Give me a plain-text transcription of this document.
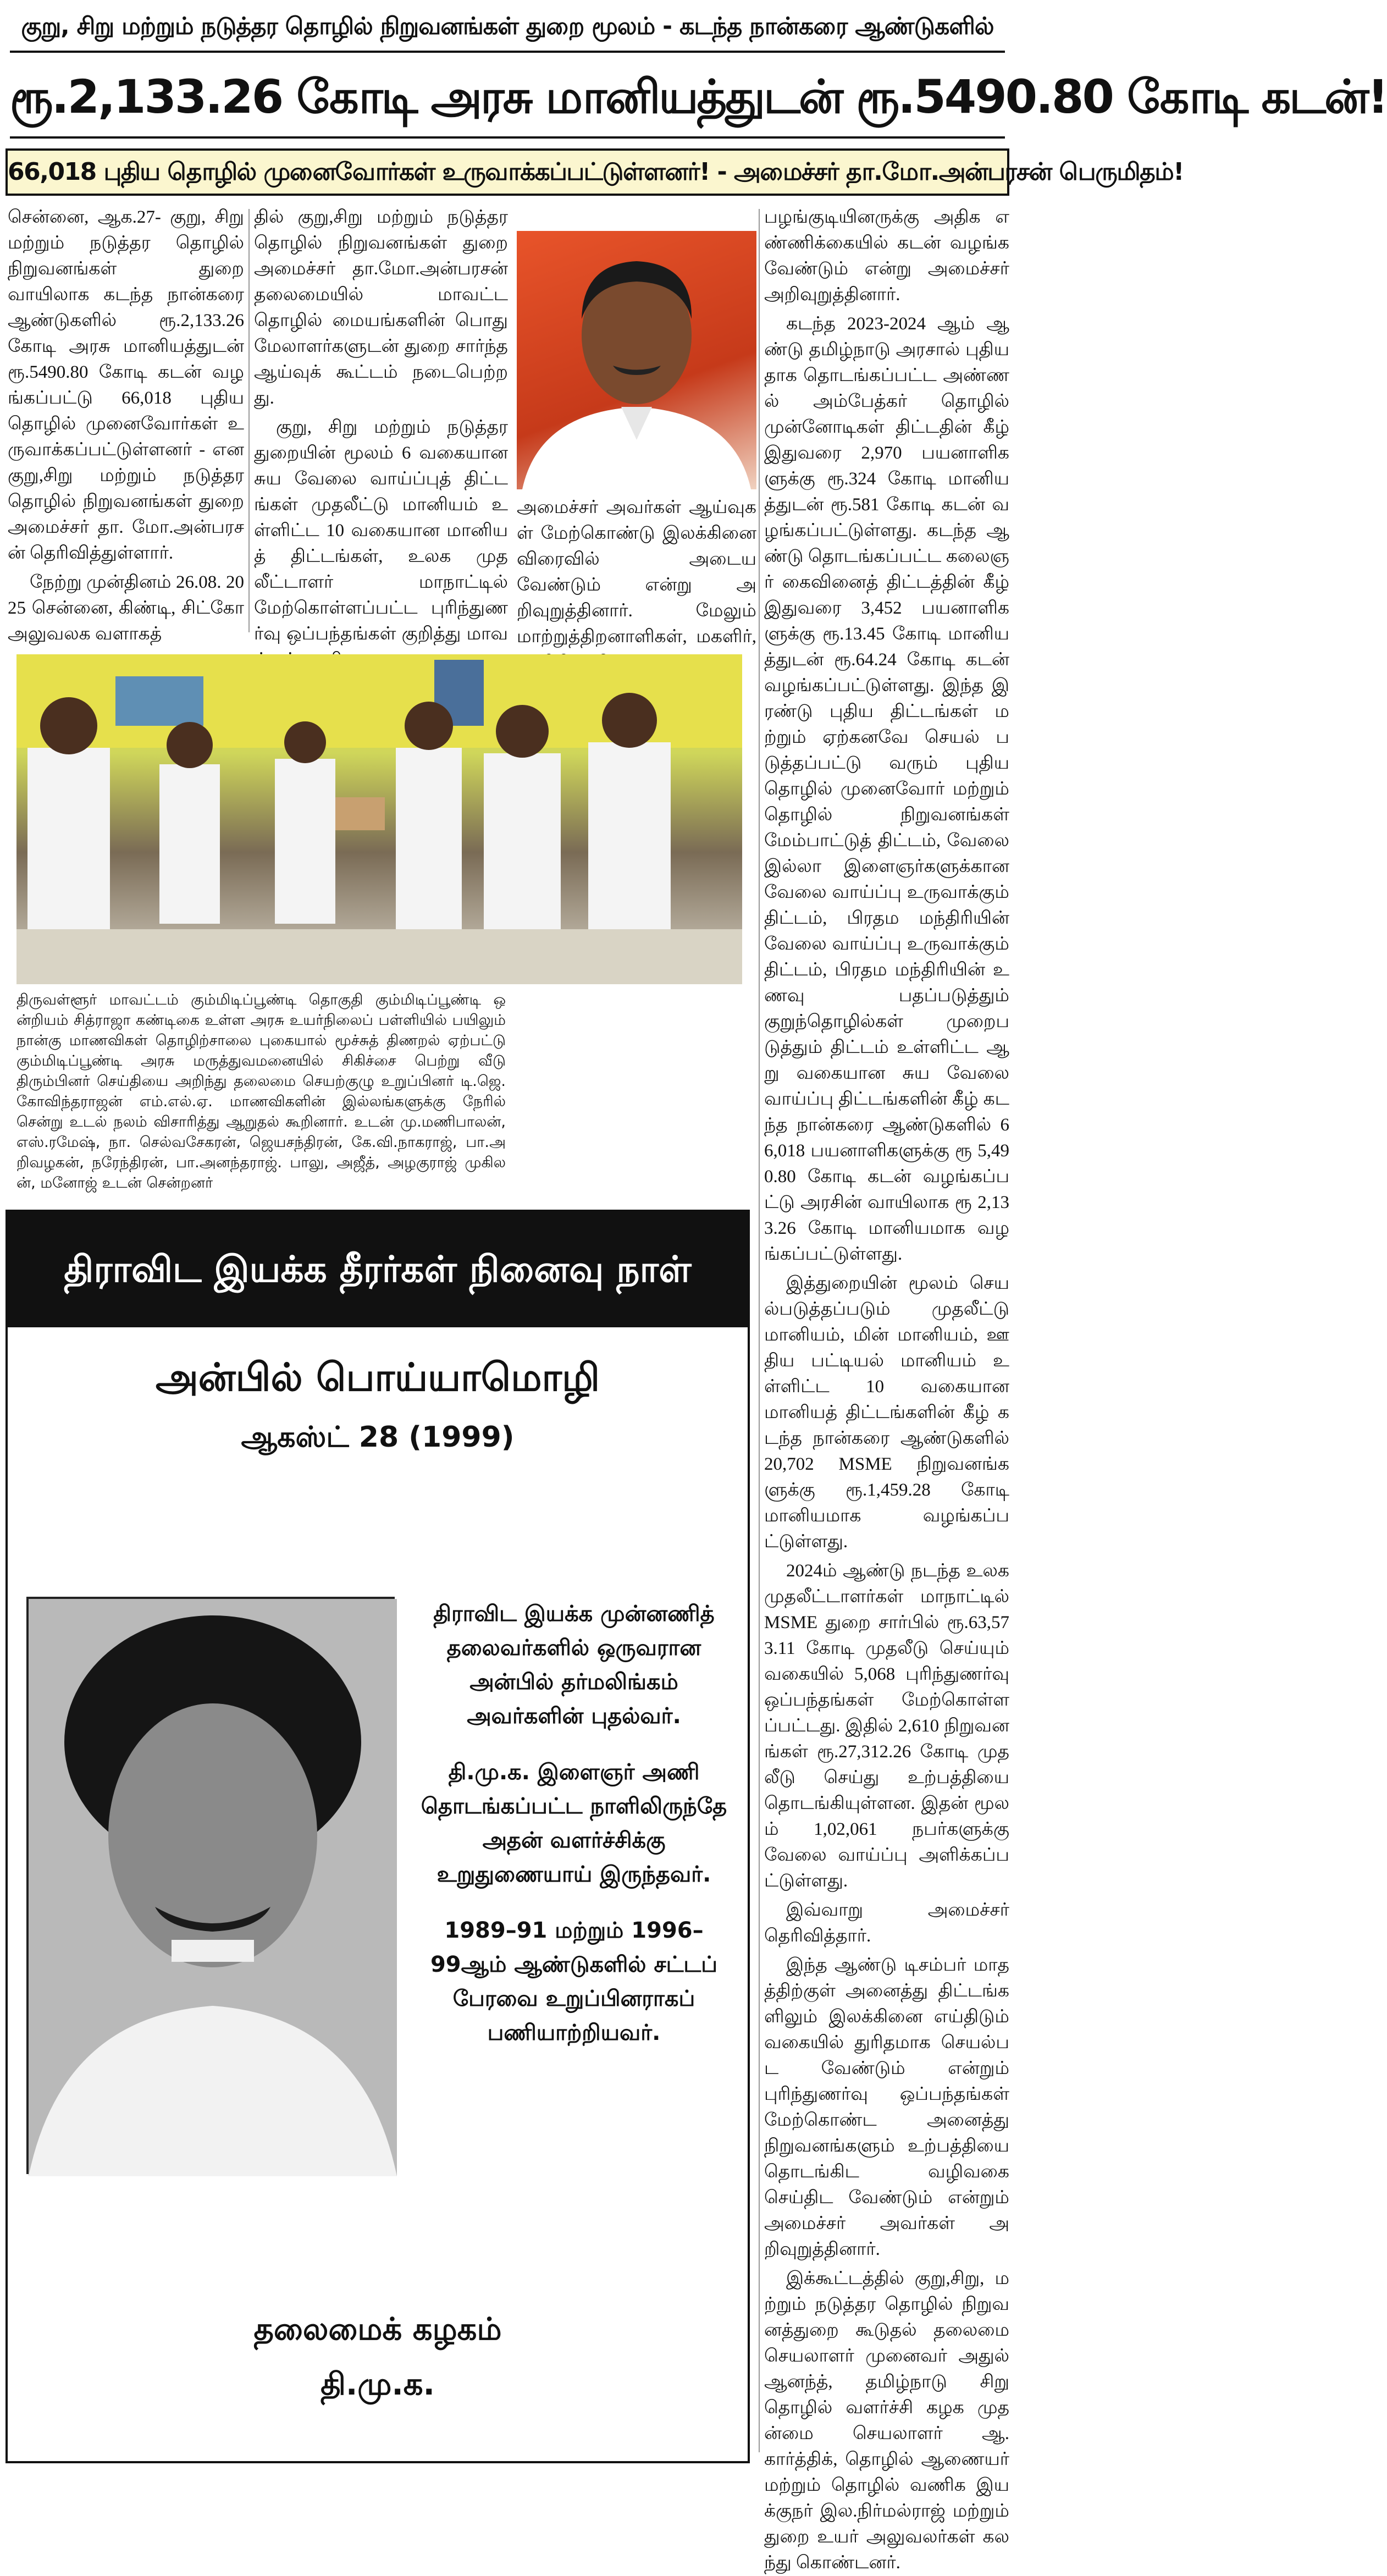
குறு, சிறு மற்றும் நடுத்தர தொழில் நிறுவனங்கள் துறை மூலம் - கடந்த நான்கரை ஆண்டுகளில்
ரூ.2,133.26 கோடி அரசு மானியத்துடன் ரூ.5490.80 கோடி கடன்!
66,018 புதிய தொழில் முனைவோர்கள் உருவாக்கப்பட்டுள்ளனர்! - அமைச்சர் தா.மோ.அன்பரசன் பெருமிதம்!

சென்னை, ஆக.27- குறு, சிறு மற்றும் நடுத்தர தொழில் நிறுவனங்கள் துறை வாயிலாக கடந்த நான்கரை ஆண்டுகளில் ரூ.2,133.26 கோடி அரசு மானியத்துடன் ரூ.5490.80 கோடி கடன் வழங்கப்பட்டு 66,018 புதிய தொழில் முனைவோர்கள் உருவாக்கப்பட்டுள்ளனர் - என குறு,சிறு மற்றும் நடுத்தர தொழில் நிறுவனங்கள் துறை அமைச்சர் தா. மோ.அன்பரசன் தெரிவித்துள்ளார்.

நேற்று முன்தினம் 26.08. 2025 சென்னை, கிண்டி, சிட்கோ அலுவலக வளாகத்

தில் குறு,சிறு மற்றும் நடுத்தர தொழில் நிறுவனங்கள் துறை அமைச்சர் தா.மோ.அன்பரசன் தலைமையில் மாவட்ட தொழில் மையங்களின் பொது மேலாளர்களுடன் துறை சார்ந்த ஆய்வுக் கூட்டம் நடைபெற்றது.

குறு, சிறு மற்றும் நடுத்தர துறையின் மூலம் 6 வகையான சுய வேலை வாய்ப்புத் திட்டங்கள் முதலீட்டு மானியம் உள்ளிட்ட 10 வகையான மானியத் திட்டங்கள், உலக முதலீட்டாளர் மாநாட்டில் மேற்கொள்ளப்பட்ட புரிந்துணர்வு ஒப்பந்தங்கள் குறித்து மாவ

அமைச்சர் அவர்கள் ஆய்வுகள் மேற்கொண்டு இலக்கினை விரைவில் அடைய வேண்டும் என்று அறிவுறுத்தினார். மேலும் மாற்றுத்திறனாளிகள், மகளிர்,

பழங்குடியினருக்கு அதிக எண்ணிக்கையில் கடன் வழங்க வேண்டும் என்று அமைச்சர் அறிவுறுத்தினார்.

கடந்த 2023-2024 ஆம் ஆண்டு தமிழ்நாடு அரசால் புதியதாக தொடங்கப்பட்ட அண்ணல் அம்பேத்கர் தொழில் முன்னோடிகள் திட்டதின் கீழ் இதுவரை 2,970 பயனாளிகளுக்கு ரூ.324 கோடி மானியத்துடன் ரூ.581 கோடி கடன் வழங்கப்பட்டுள்ளது. கடந்த ஆண்டு தொடங்கப்பட்ட கலைஞர் கைவினைத் திட்டத்தின் கீழ் இதுவரை 3,452 பயனாளிகளுக்கு ரூ.13.45 கோடி மானியத்துடன் ரூ.64.24 கோடி கடன் வழங்கப்பட்டுள்ளது. இந்த இரண்டு புதிய திட்டங்கள் மற்றும் ஏற்கனவே செயல் படுத்தப்பட்டு வரும் புதிய தொழில் முனைவோர் மற்றும் தொழில் நிறுவனங்கள் மேம்பாட்டுத் திட்டம், வேலை இல்லா இளைஞர்களுக்கான வேலை வாய்ப்பு உருவாக்கும் திட்டம், பிரதம மந்திரியின் வேலை வாய்ப்பு உருவாக்கும் திட்டம், பிரதம மந்திரியின் உணவு பதப்படுத்தும் குறுந்தொழில்கள் முறைபடுத்தும் திட்டம் உள்ளிட்ட ஆறு வகையான சுய வேலை வாய்ப்பு திட்டங்களின் கீழ் கடந்த நான்கரை ஆண்டுகளில் 66,018 பயனாளிகளுக்கு ரூ 5,490.80 கோடி கடன் வழங்கப்பட்டு அரசின் வாயிலாக ரூ 2,133.26 கோடி மானியமாக வழங்கப்பட்டுள்ளது.

இத்துறையின் மூலம் செயல்படுத்தப்படும் முதலீட்டு மானியம், மின் மானியம், ஊதிய பட்டியல் மானியம் உள்ளிட்ட 10 வகையான மானியத் திட்டங்களின் கீழ் கடந்த நான்கரை ஆண்டுகளில் 20,702 MSME நிறுவனங்களுக்கு ரூ.1,459.28 கோடி மானியமாக வழங்கப்பட்டுள்ளது.

2024ம் ஆண்டு நடந்த உலக முதலீட்டாளர்கள் மாநாட்டில் MSME துறை சார்பில் ரூ.63,573.11 கோடி முதலீடு செய்யும் வகையில் 5,068 புரிந்துணர்வு ஒப்பந்தங்கள் மேற்கொள்ளப்பட்டது. இதில் 2,610 நிறுவனங்கள் ரூ.27,312.26 கோடி முதலீடு செய்து உற்பத்தியை தொடங்கியுள்ளன. இதன் மூலம் 1,02,061 நபர்களுக்கு வேலை வாய்ப்பு அளிக்கப்பட்டுள்ளது.

இவ்வாறு அமைச்சர் தெரிவித்தார்.

இந்த ஆண்டு டிசம்பர் மாதத்திற்குள் அனைத்து திட்டங்களிலும் இலக்கினை எய்திடும் வகையில் துரிதமாக செயல்பட வேண்டும் என்றும் புரிந்துணர்வு ஒப்பந்தங்கள் மேற்கொண்ட அனைத்து நிறுவனங்களும் உற்பத்தியை தொடங்கிட வழிவகை செய்திட வேண்டும் என்றும் அமைச்சர் அவர்கள் அறிவுறுத்தினார்.

இக்கூட்டத்தில் குறு,சிறு, மற்றும் நடுத்தர தொழில் நிறுவனத்துறை கூடுதல் தலைமை செயலாளர் முனைவர் அதுல் ஆனந்த், தமிழ்நாடு சிறு தொழில் வளர்ச்சி கழக முதன்மை செயலாளர் ஆ.கார்த்திக், தொழில் ஆணையர் மற்றும் தொழில் வணிக இயக்குநர் இல.நிர்மல்ராஜ் மற்றும் துறை உயர் அலுவலர்கள் கலந்து கொண்டனர்.

திருவள்ளூர் மாவட்டம் கும்மிடிப்பூண்டி தொகுதி கும்மிடிப்பூண்டி ஒன்றியம் சித்ராஜா கண்டிகை உள்ள அரசு உயர்நிலைப் பள்ளியில் பயிலும் நான்கு மாணவிகள் தொழிற்சாலை புகையால் மூச்சுத் திணறல் ஏற்பட்டு கும்மிடிப்பூண்டி அரசு மருத்துவமனையில் சிகிச்சை பெற்று வீடு திரும்பினர் செய்தியை அறிந்து தலைமை செயற்குழு உறுப்பினர் டி.ஜெ.கோவிந்தராஜன் எம்.எல்.ஏ. மாணவிகளின் இல்லங்களுக்கு நேரில் சென்று உடல் நலம் விசாரித்து ஆறுதல் கூறினார். உடன் மு.மணிபாலன், எஸ்.ரமேஷ், நா. செல்வசேகரன், ஜெயசந்திரன், கே.வி.நாகராஜ், பா.அறிவழகன், நரேந்திரன், பா.அனந்தராஜ். பாலு, அஜீத், அழகுராஜ் முகிலன், மனோஜ் உடன் சென்றனர்
திராவிட இயக்க தீரர்கள் நினைவு நாள்
அன்பில் பொய்யாமொழி
ஆகஸ்ட் 28 (1999)

திராவிட இயக்க முன்னணித் தலைவர்களில் ஒருவரான அன்பில் தர்மலிங்கம் அவர்களின் புதல்வர்.

தி.மு.க. இளைஞர் அணி தொடங்கப்பட்ட நாளிலிருந்தே அதன் வளர்ச்சிக்கு உறுதுணையாய் இருந்தவர்.

1989–91 மற்றும் 1996–99ஆம் ஆண்டுகளில் சட்டப் பேரவை உறுப்பினராகப் பணியாற்றியவர்.

தலைமைக் கழகம்
தி.மு.க.
